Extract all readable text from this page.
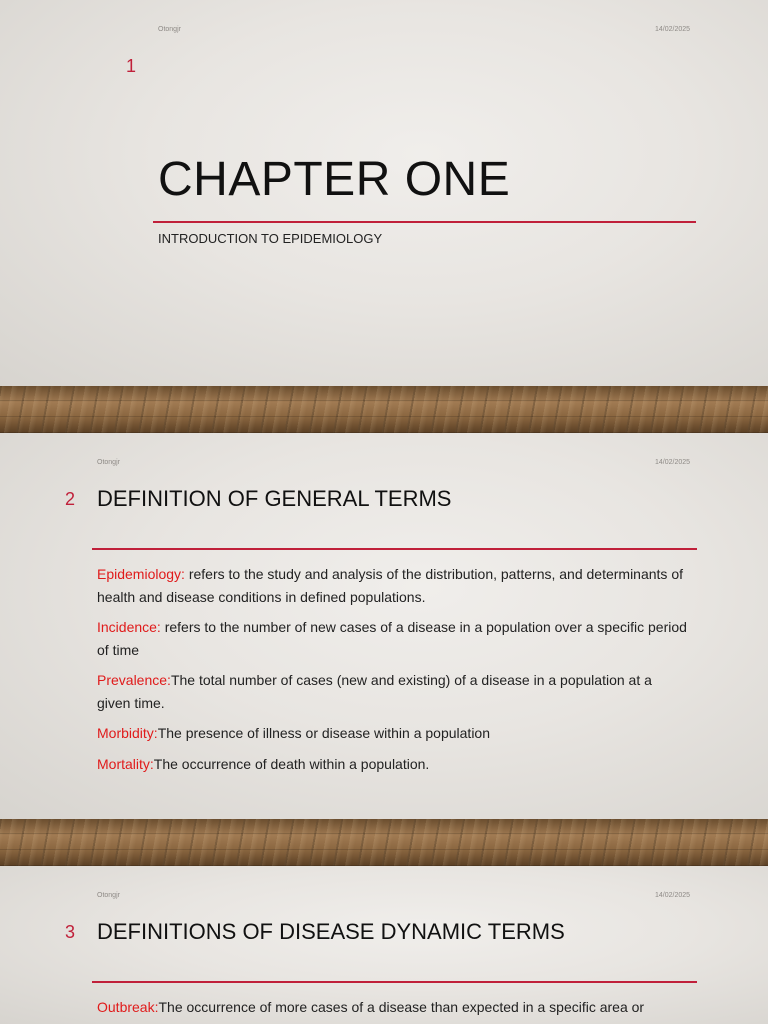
Otongjr	14/02/2025
1
CHAPTER ONE
INTRODUCTION TO EPIDEMIOLOGY
Otongjr	14/02/2025
2 DEFINITION OF GENERAL TERMS
Epidemiology: refers to the study and analysis of the distribution, patterns, and determinants of health and disease conditions in defined populations.
Incidence: refers to the number of new cases of a disease in a population over a specific period of time
Prevalence:The total number of cases (new and existing) of a disease in a population at a given time.
Morbidity:The presence of illness or disease within a population
Mortality:The occurrence of death within a population.
Otongjr	14/02/2025
3 DEFINITIONS OF DISEASE DYNAMIC TERMS
Outbreak:The occurrence of more cases of a disease than expected in a specific area or
